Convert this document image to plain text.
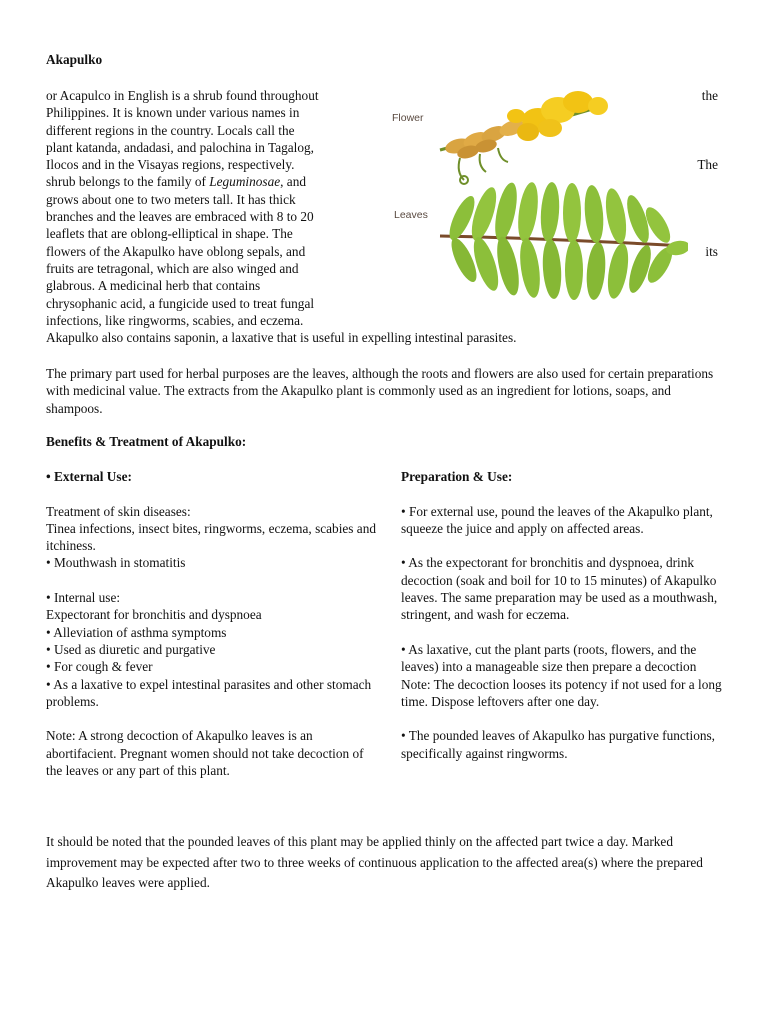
Akapulko
or Acapulco in English is a shrub found throughout	the
Philippines. It is known under various names in
different regions in the country. Locals call the
plant katanda, andadasi, and palochina in Tagalog,
Ilocos and in the Visayas regions, respectively.	The
shrub belongs to the family of Leguminosae, and
grows about one to two meters tall. It has thick
branches and the leaves are embraced with 8 to 20
leaflets that are oblong-elliptical in shape. The
flowers of the Akapulko have oblong sepals, and	its
fruits are tetragonal, which are also winged and
glabrous. A medicinal herb that contains
chrysophanic acid, a fungicide used to treat fungal
infections, like ringworms, scabies, and eczema.
Akapulko also contains saponin, a laxative that is useful in expelling intestinal parasites.
Flower
Leaves
The primary part used for herbal purposes are the leaves, although the roots and flowers are also used for certain preparations with medicinal value. The extracts from the Akapulko plant is commonly used as an ingredient for lotions, soaps, and shampoos.
Benefits & Treatment of Akapulko:
• External Use:
Treatment of skin diseases:
Tinea infections, insect bites, ringworms, eczema, scabies and itchiness.
• Mouthwash in stomatitis
• Internal use:
Expectorant for bronchitis and dyspnoea
• Alleviation of asthma symptoms
• Used as diuretic and purgative
• For cough & fever
• As a laxative to expel intestinal parasites and other stomach problems.
Note: A strong decoction of Akapulko leaves is an abortifacient. Pregnant women should not take decoction of the leaves or any part of this plant.
Preparation & Use:
• For external use, pound the leaves of the Akapulko plant, squeeze the juice and apply on affected areas.
• As the expectorant for bronchitis and dyspnoea, drink decoction (soak and boil for 10 to 15 minutes) of Akapulko leaves. The same preparation may be used as a mouthwash, stringent, and wash for eczema.
• As laxative, cut the plant parts (roots, flowers, and the leaves) into a manageable size then prepare a decoction Note: The decoction looses its potency if not used for a long time. Dispose leftovers after one day.
• The pounded leaves of Akapulko has purgative functions, specifically against ringworms.
It should be noted that the pounded leaves of this plant may be applied thinly on the affected part twice a day. Marked improvement may be expected after two to three weeks of continuous application to the affected area(s) where the prepared Akapulko leaves were applied.
